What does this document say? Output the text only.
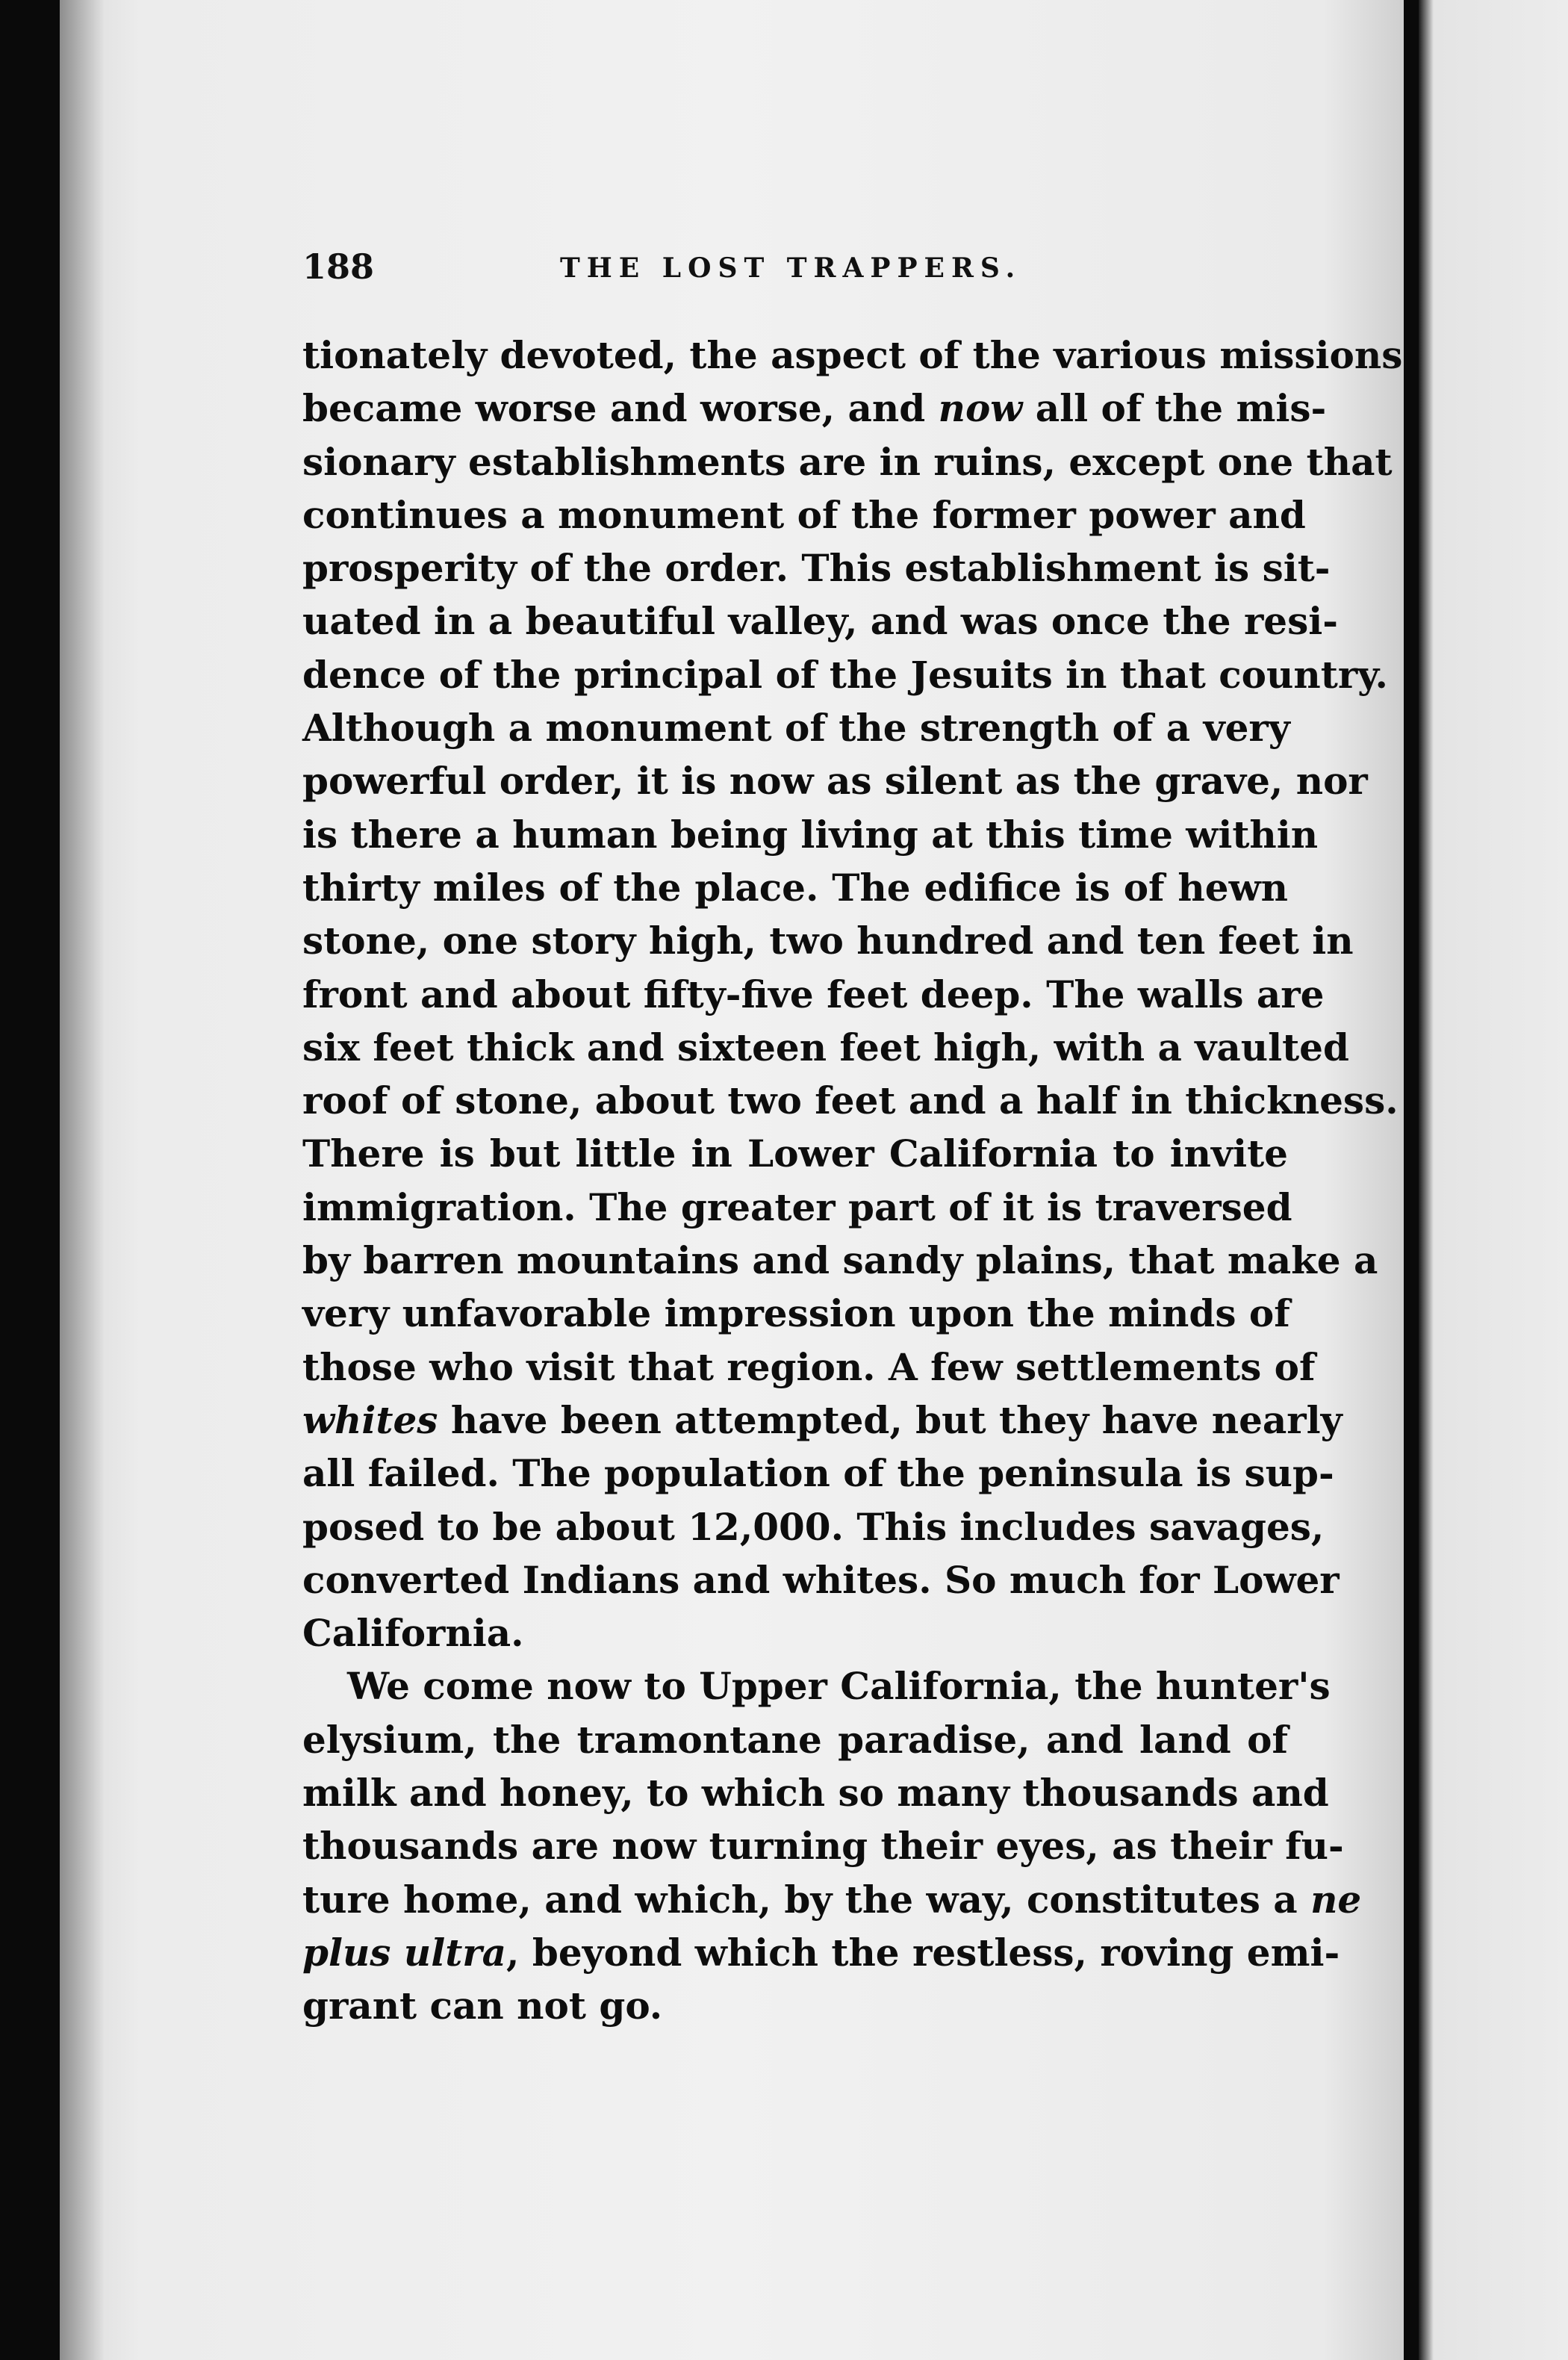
188	THE LOST TRAPPERS.
tionately devoted, the aspect of the various missions
became worse and worse, and now all of the mis-
sionary establishments are in ruins, except one that
continues a monument of the former power and
prosperity of the order. This establishment is sit-
uated in a beautiful valley, and was once the resi-
dence of the principal of the Jesuits in that country.
Although a monument of the strength of a very
powerful order, it is now as silent as the grave, nor
is there a human being living at this time within
thirty miles of the place. The edifice is of hewn
stone, one story high, two hundred and ten feet in
front and about fifty-five feet deep. The walls are
six feet thick and sixteen feet high, with a vaulted
roof of stone, about two feet and a half in thickness.
There is but little in Lower California to invite
immigration. The greater part of it is traversed
by barren mountains and sandy plains, that make a
very unfavorable impression upon the minds of
those who visit that region. A few settlements of
whites have been attempted, but they have nearly
all failed. The population of the peninsula is sup-
posed to be about 12,000. This includes savages,
converted Indians and whites. So much for Lower
California.
We come now to Upper California, the hunter's
elysium, the tramontane paradise, and land of
milk and honey, to which so many thousands and
thousands are now turning their eyes, as their fu-
ture home, and which, by the way, constitutes a ne
plus ultra, beyond which the restless, roving emi-
grant can not go.
